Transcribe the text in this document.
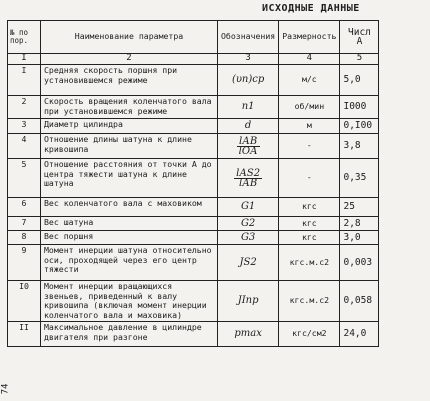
ИСХОДНЫЕ ДАННЫЕ
74
№ по пор.	Наименование параметра	Обозначения	Размерность	Числ А
I	2	3	4	5
I	Средняя скорость поршня при установившемся режиме	(υп)ср	м/с	5,0
2	Скорость вращения коленчатого вала при установившемся режиме	n1	об/мин	I000
3	Диаметр цилиндра	d	м	0,I00
4	Отношение длины шатуна к длине кривошипа	$\frac{\text{lАВ}}{\text{lОА}}$	-	3,8
5	Отношение расстояния от точки А до центра тяжести шатуна к длине шатуна	$\frac{\text{lАS2}}{\text{lАВ}}$	-	0,35
6	Вес коленчатого вала с маховиком	G1	кгс	25
7	Вес шатуна	G2	кгс	2,8
8	Вес поршня	G3	кгс	3,0
9	Момент инерции шатуна относительно оси, проходящей через его центр тяжести	JS2	кгс.м.с2	0,003
I0	Момент инерции вращающихся звеньев, приведенный к валу кривошипа (включая момент инерции коленчатого вала и маховика)	JIпр	кгс.м.с2	0,058
II	Максимальное давление в цилиндре двигателя при разгоне	pmax	кгс/см2	24,0
